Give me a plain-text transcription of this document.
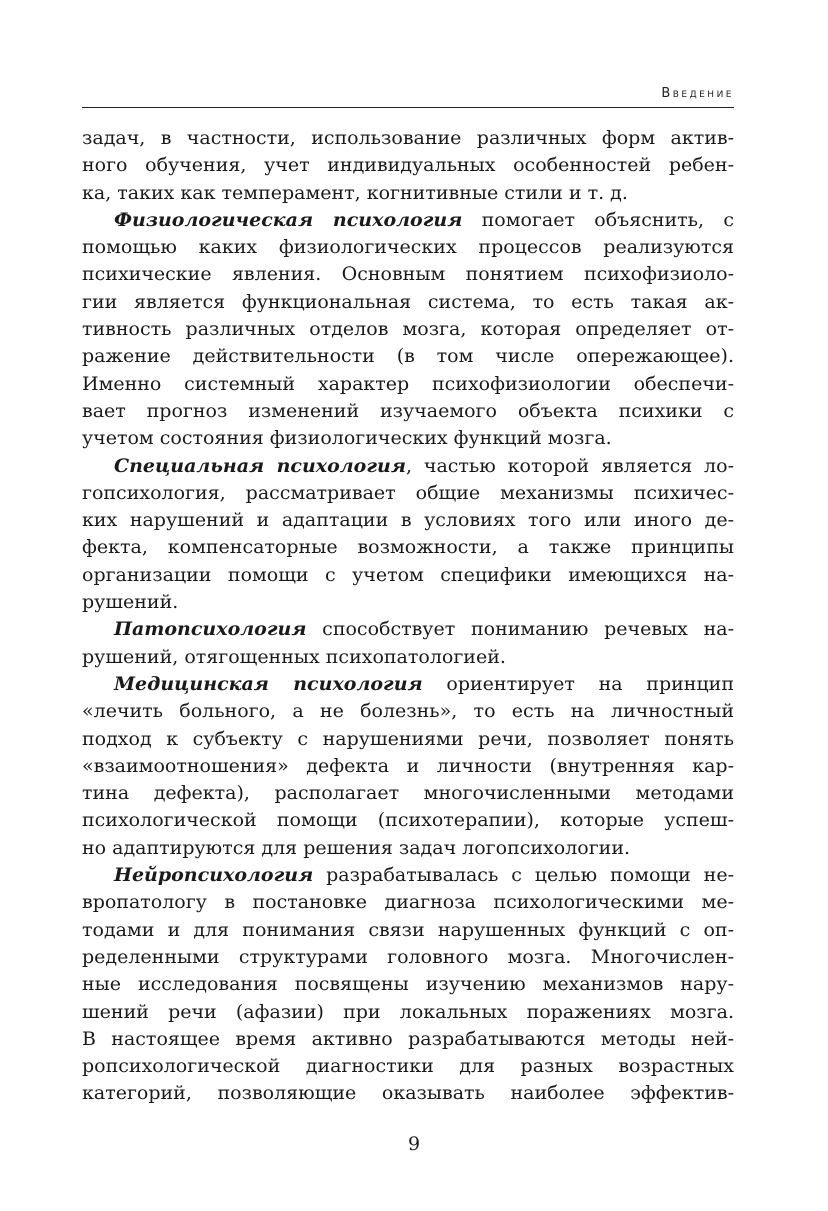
Введение
задач, в частности, использование различных форм актив-
ного обучения, учет индивидуальных особенностей ребен-
ка, таких как темперамент, когнитивные стили и т. д.
Физиологическая психология помогает объяснить, с
помощью каких физиологических процессов реализуются
психические явления. Основным понятием психофизиоло-
гии является функциональная система, то есть такая ак-
тивность различных отделов мозга, которая определяет от-
ражение действительности (в том числе опережающее).
Именно системный характер психофизиологии обеспечи-
вает прогноз изменений изучаемого объекта психики с
учетом состояния физиологических функций мозга.
Специальная психология, частью которой является ло-
гопсихология, рассматривает общие механизмы психичес-
ких нарушений и адаптации в условиях того или иного де-
фекта, компенсаторные возможности, а также принципы
организации помощи с учетом специфики имеющихся на-
рушений.
Патопсихология способствует пониманию речевых на-
рушений, отягощенных психопатологией.
Медицинская психология ориентирует на принцип
«лечить больного, а не болезнь», то есть на личностный
подход к субъекту с нарушениями речи, позволяет понять
«взаимоотношения» дефекта и личности (внутренняя кар-
тина дефекта), располагает многочисленными методами
психологической помощи (психотерапии), которые успеш-
но адаптируются для решения задач логопсихологии.
Нейропсихология разрабатывалась с целью помощи не-
вропатологу в постановке диагноза психологическими ме-
тодами и для понимания связи нарушенных функций с оп-
ределенными структурами головного мозга. Многочислен-
ные исследования посвящены изучению механизмов нару-
шений речи (афазии) при локальных поражениях мозга.
В настоящее время активно разрабатываются методы ней-
ропсихологической диагностики для разных возрастных
категорий, позволяющие оказывать наиболее эффектив-
9
